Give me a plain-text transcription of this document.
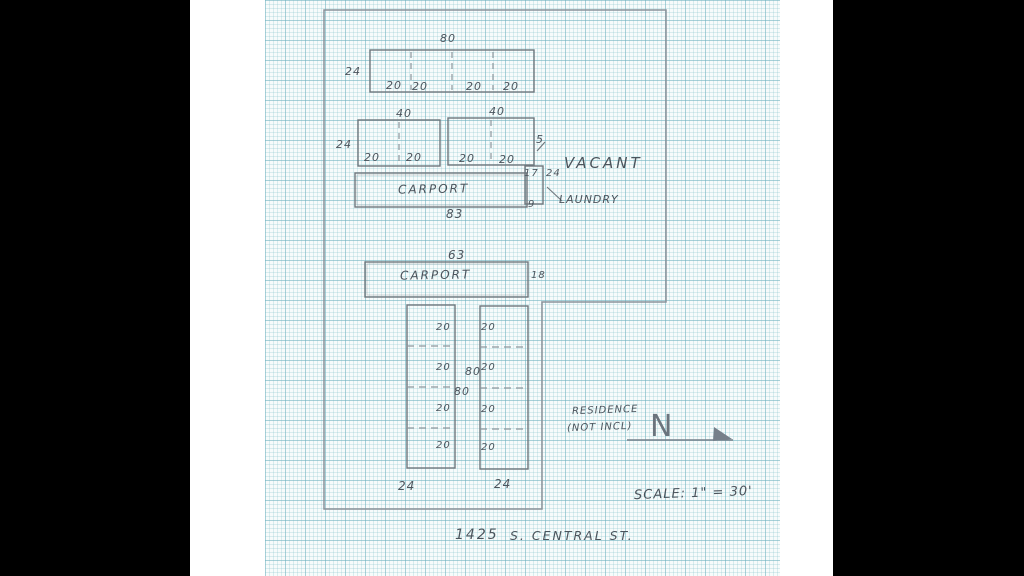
80
24
20 20	20 20
40
24
20 20
40
20 20
5
VACANT
CARPORT
83
17 24
9 LAUNDRY
63
CARPORT	18
20
20
20
20
80
24
20
20
20
20
80
24
RESIDENCE
(NOT INCL) N
SCALE: 1" = 30'
1425 S. CENTRAL ST.
